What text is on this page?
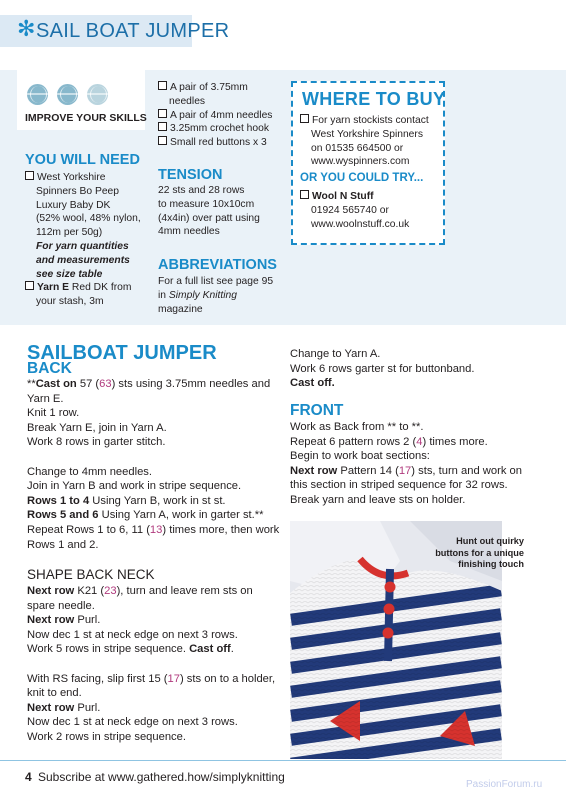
✻ SAIL BOAT JUMPER
IMPROVE YOUR SKILLS
YOU WILL NEED
West Yorkshire
Spinners Bo Peep
Luxury Baby DK
(52% wool, 48% nylon,
112m per 50g)
For yarn quantities
and measurements
see size table
Yarn E Red DK from
your stash, 3m
A pair of 3.75mm
needles
A pair of 4mm needles
3.25mm crochet hook
Small red buttons x 3
TENSION
22 sts and 28 rows
to measure 10x10cm
(4x4in) over patt using
4mm needles
ABBREVIATIONS
For a full list see page 95
in Simply Knitting
magazine
WHERE TO BUY
For yarn stockists contact
West Yorkshire Spinners
on 01535 664500 or
www.wyspinners.com
OR YOU COULD TRY...
Wool N Stuff
01924 565740 or
www.woolnstuff.co.uk
SAILBOAT JUMPER
BACK
**Cast on 57 (63) sts using 3.75mm needles and
Yarn E.
Knit 1 row.
Break Yarn E, join in Yarn A.
Work 8 rows in garter stitch.
Change to 4mm needles.
Join in Yarn B and work in stripe sequence.
Rows 1 to 4 Using Yarn B, work in st st.
Rows 5 and 6 Using Yarn A, work in garter st.**
Repeat Rows 1 to 6, 11 (13) times more, then work
Rows 1 and 2.
SHAPE BACK NECK
Next row K21 (23), turn and leave rem sts on
spare needle.
Next row Purl.
Now dec 1 st at neck edge on next 3 rows.
Work 5 rows in stripe sequence. Cast off.
With RS facing, slip first 15 (17) sts on to a holder,
knit to end.
Next row Purl.
Now dec 1 st at neck edge on next 3 rows.
Work 2 rows in stripe sequence.
Change to Yarn A.
Work 6 rows garter st for buttonband.
Cast off.
FRONT
Work as Back from ** to **.
Repeat 6 pattern rows 2 (4) times more.
Begin to work boat sections:
Next row Pattern 14 (17) sts, turn and work on
this section in striped sequence for 32 rows.
Break yarn and leave sts on holder.
Hunt out quirky
buttons for a unique
finishing touch
4 Subscribe at www.gathered.how/simplyknitting
PassionForum.ru
